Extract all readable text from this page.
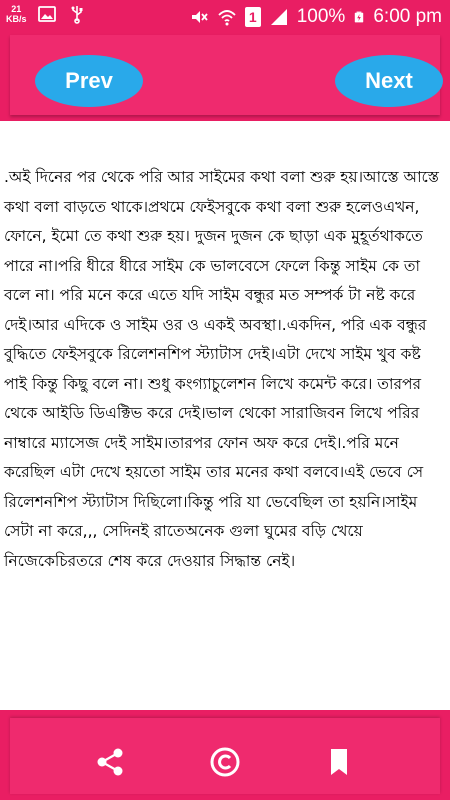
21
KB/s	1 100% 6:00 pm
Prev	Next

.অই দিনের পর থেকে পরি আর সাইমের কথা বলা শুরু হয়।আস্তে আস্তে কথা বলা বাড়তে থাকে।প্রথমে ফেইসবুকে কথা বলা শুরু হলেওএখন, ফোনে, ইমো তে কথা শুরু হয়। দুজন দুজন কে ছাড়া এক মুহূর্তথাকতে পারে না।পরি ধীরে ধীরে সাইম কে ভালবেসে ফেলে কিন্তু সাইম কে তা বলে না। পরি মনে করে এতে যদি সাইম বন্ধুর মত সম্পর্ক টা নষ্ট করে দেই।আর এদিকে ও সাইম ওর ও একই অবস্থা।.একদিন, পরি এক বন্ধুর বুদ্ধিতে ফেইসবুকে রিলেশনশিপ স্ট্যাটাস দেই।এটা দেখে সাইম খুব কষ্ট পাই কিন্তু কিছু বলে না। শুধু কংগ্যাচুলেশন লিখে কমেন্ট করে। তারপর থেকে আইডি ডিএক্টিভ করে দেই।ভাল থেকো সারাজিবন লিখে পরির নাম্বারে ম্যাসেজ দেই সাইম।তারপর ফোন অফ করে দেই।.পরি মনে করেছিল এটা দেখে হয়তো সাইম তার মনের কথা বলবে।এই ভেবে সে রিলেশনশিপ স্ট্যাটাস দিছিলো।কিন্তু পরি যা ভেবেছিল তা হয়নি।সাইম সেটা না করে,,, সেদিনই রাতেঅনেক গুলা ঘুমের বড়ি খেয়ে নিজেকেচিরতরে শেষ করে দেওয়ার সিদ্ধান্ত নেই।
